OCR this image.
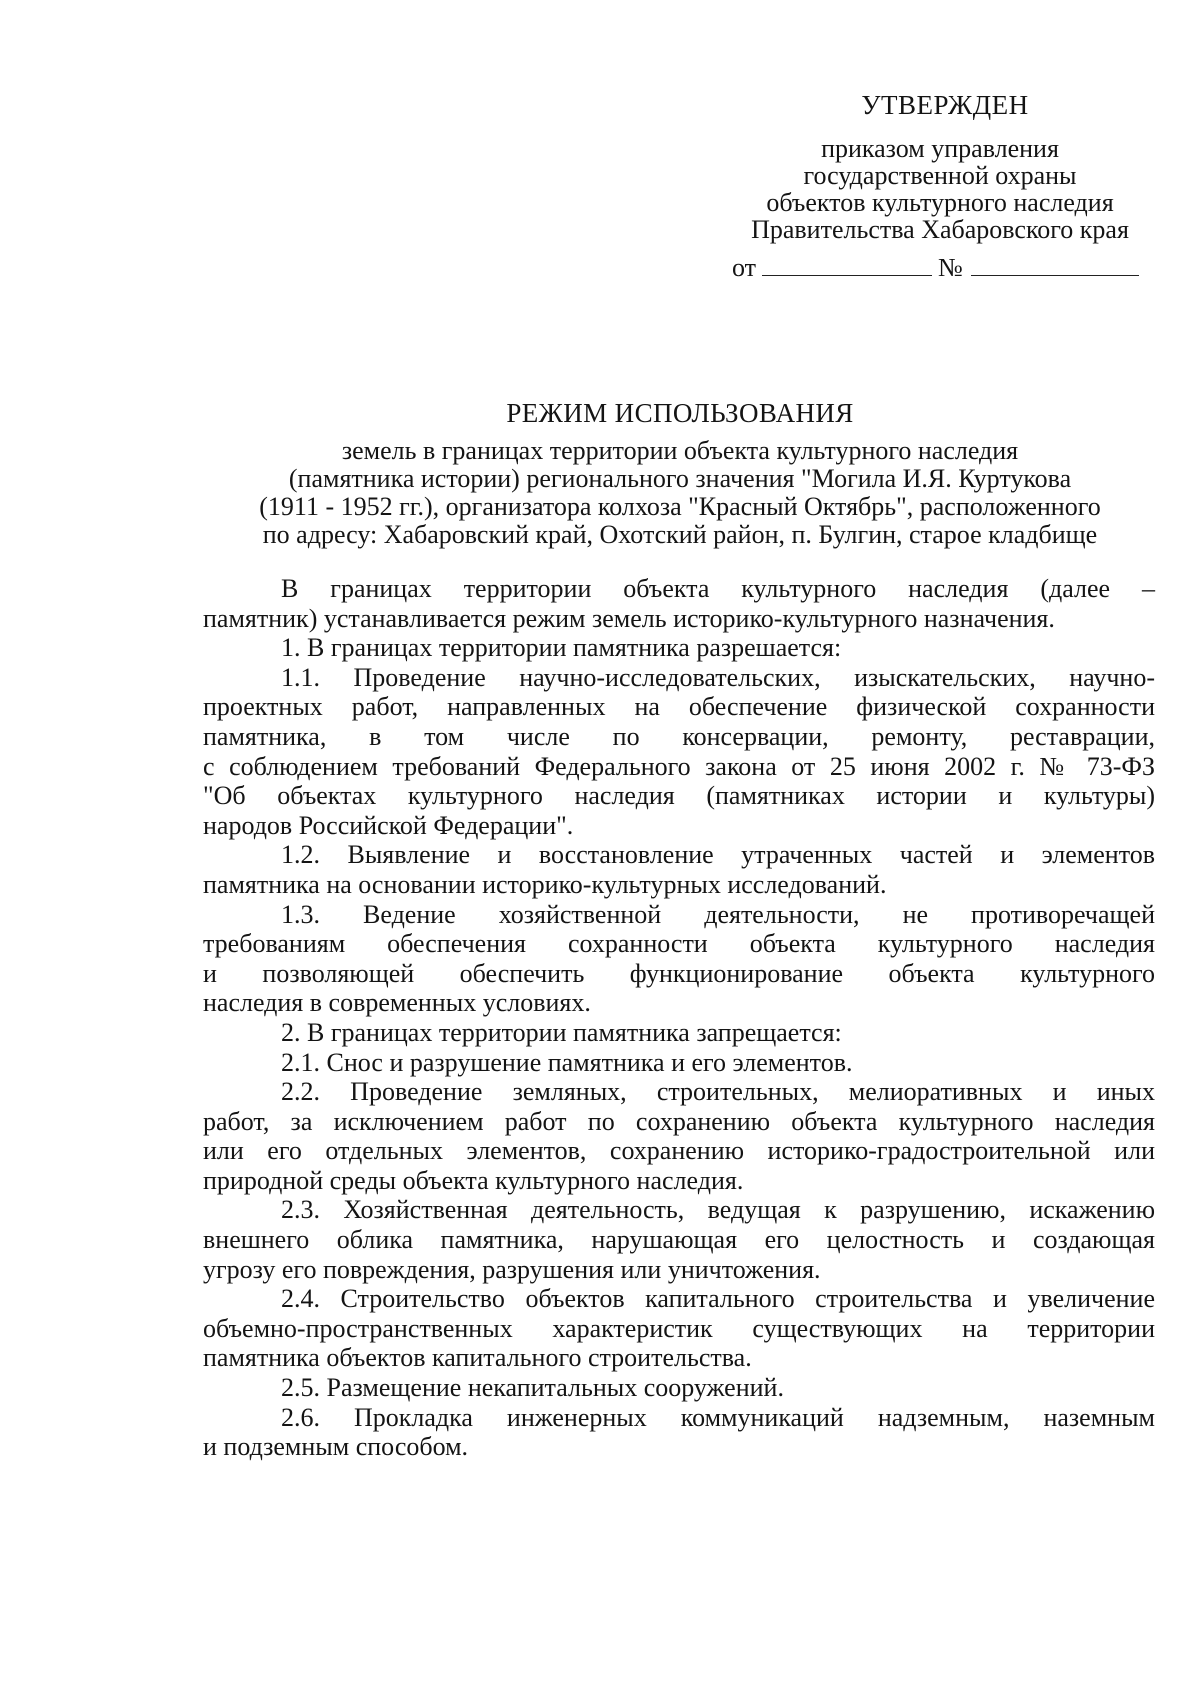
УТВЕРЖДЕН
приказом управления
государственной охраны
объектов культурного наследия
Правительства Хабаровского края
от	№
РЕЖИМ ИСПОЛЬЗОВАНИЯ
земель в границах территории объекта культурного наследия
(памятника истории) регионального значения "Могила И.Я. Куртукова
(1911 - 1952 гг.), организатора колхоза "Красный Октябрь", расположенного
по адресу: Хабаровский край, Охотский район, п. Булгин, старое кладбище
В границах территории объекта культурного наследия (далее –
памятник) устанавливается режим земель историко-культурного назначения.
1. В границах территории памятника разрешается:
1.1. Проведение научно-исследовательских, изыскательских, научно-
проектных работ, направленных на обеспечение физической сохранности
памятника, в том числе по консервации, ремонту, реставрации,
с соблюдением требований Федерального закона от 25 июня 2002 г. № 73-ФЗ
"Об объектах культурного наследия (памятниках истории и культуры)
народов Российской Федерации".
1.2. Выявление и восстановление утраченных частей и элементов
памятника на основании историко-культурных исследований.
1.3. Ведение хозяйственной деятельности, не противоречащей
требованиям обеспечения сохранности объекта культурного наследия
и позволяющей обеспечить функционирование объекта культурного
наследия в современных условиях.
2. В границах территории памятника запрещается:
2.1. Снос и разрушение памятника и его элементов.
2.2. Проведение земляных, строительных, мелиоративных и иных
работ, за исключением работ по сохранению объекта культурного наследия
или его отдельных элементов, сохранению историко-градостроительной или
природной среды объекта культурного наследия.
2.3. Хозяйственная деятельность, ведущая к разрушению, искажению
внешнего облика памятника, нарушающая его целостность и создающая
угрозу его повреждения, разрушения или уничтожения.
2.4. Строительство объектов капитального строительства и увеличение
объемно-пространственных характеристик существующих на территории
памятника объектов капитального строительства.
2.5. Размещение некапитальных сооружений.
2.6. Прокладка инженерных коммуникаций надземным, наземным
и подземным способом.
